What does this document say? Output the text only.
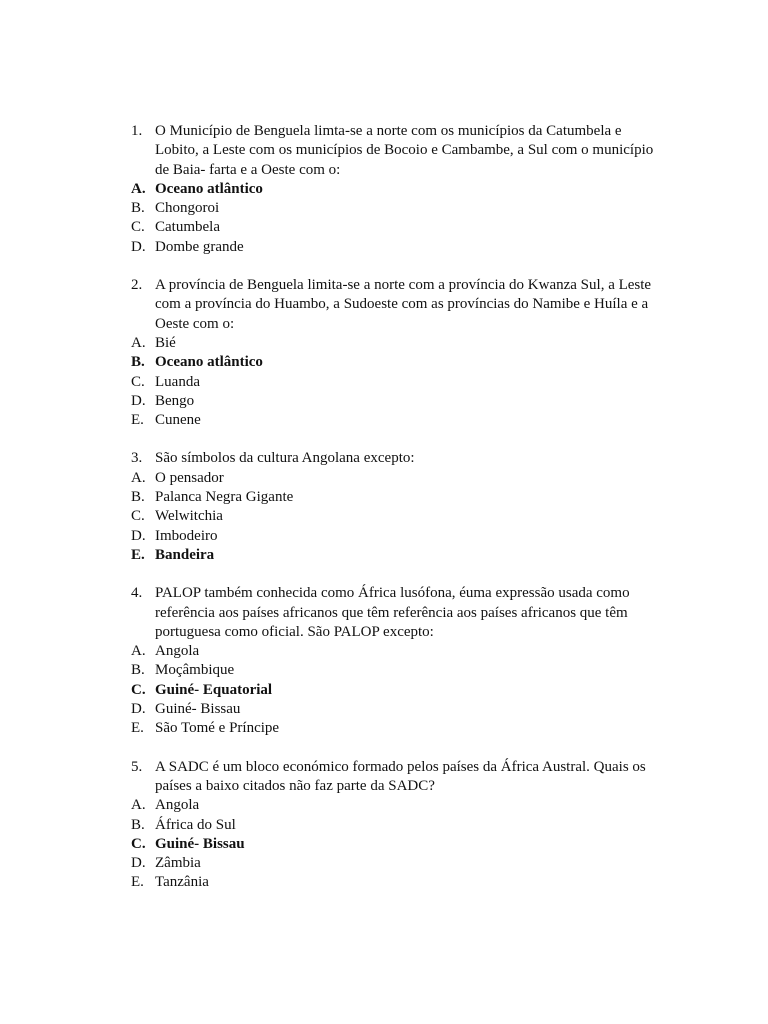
1. O Município de Benguela limta-se a norte com os municípios da Catumbela e Lobito, a Leste com os municípios de Bocoio e Cambambe, a Sul com o município de Baia- farta e a Oeste com o:
A. Oceano atlântico
B. Chongoroi
C. Catumbela
D. Dombe grande
2. A província de Benguela limita-se a norte com a província do Kwanza Sul, a Leste com a província do Huambo, a Sudoeste com as províncias do Namibe e Huíla e a Oeste com o:
A. Bié
B. Oceano atlântico
C. Luanda
D. Bengo
E. Cunene
3. São símbolos da cultura Angolana excepto:
A. O pensador
B. Palanca Negra Gigante
C. Welwitchia
D. Imbodeiro
E. Bandeira
4. PALOP também conhecida como África lusófona, éuma expressão usada como referência aos países africanos que têm referência aos países africanos que têm portuguesa como oficial. São PALOP excepto:
A. Angola
B. Moçâmbique
C. Guiné- Equatorial
D. Guiné- Bissau
E. São Tomé e Príncipe
5. A SADC é um bloco económico formado pelos países da África Austral. Quais os países a baixo citados não faz parte da SADC?
A. Angola
B. África do Sul
C. Guiné- Bissau
D. Zâmbia
E. Tanzânia
